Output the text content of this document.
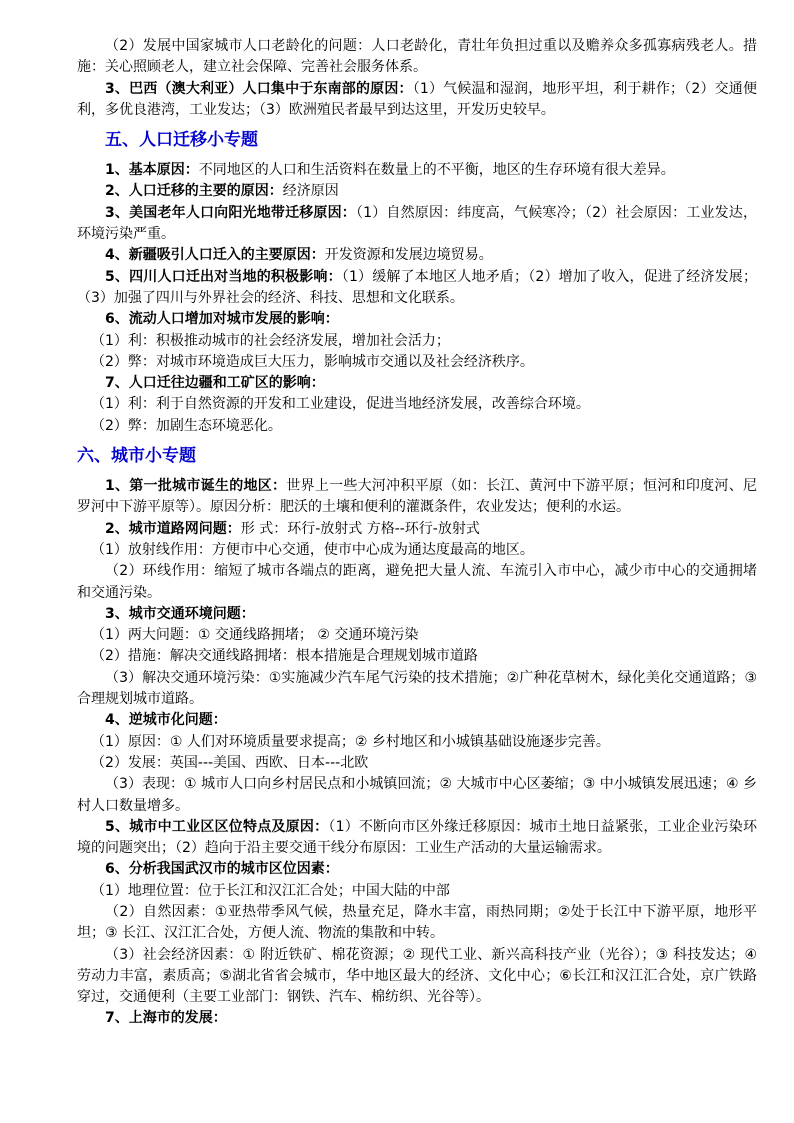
（2）发展中国家城市人口老龄化的问题：人口老龄化，青壮年负担过重以及赡养众多孤寡病残老人。措施：关心照顾老人，建立社会保障、完善社会服务体系。

3、巴西（澳大利亚）人口集中于东南部的原因：（1）气候温和湿润，地形平坦，利于耕作；（2）交通便利，多优良港湾，工业发达；（3）欧洲殖民者最早到达这里，开发历史较早。

五、人口迁移小专题

1、基本原因：不同地区的人口和生活资料在数量上的不平衡，地区的生存环境有很大差异。

2、人口迁移的主要的原因：经济原因

3、美国老年人口向阳光地带迁移原因：（1）自然原因：纬度高，气候寒冷；（2）社会原因：工业发达，环境污染严重。

4、新疆吸引人口迁入的主要原因：开发资源和发展边境贸易。

5、四川人口迁出对当地的积极影响：（1）缓解了本地区人地矛盾；（2）增加了收入，促进了经济发展；（3）加强了四川与外界社会的经济、科技、思想和文化联系。

6、流动人口增加对城市发展的影响：

（1）利：积极推动城市的社会经济发展，增加社会活力；

（2）弊：对城市环境造成巨大压力，影响城市交通以及社会经济秩序。

7、人口迁往边疆和工矿区的影响：

（1）利：利于自然资源的开发和工业建设，促进当地经济发展，改善综合环境。

（2）弊：加剧生态环境恶化。

六、城市小专题

1、第一批城市诞生的地区：世界上一些大河冲积平原（如：长江、黄河中下游平原；恒河和印度河、尼罗河中下游平原等）。原因分析：肥沃的土壤和便利的灌溉条件，农业发达；便利的水运。

2、城市道路网问题：形 式：环行-放射式 方格--环行-放射式

（1）放射线作用：方便市中心交通，使市中心成为通达度最高的地区。

（2）环线作用：缩短了城市各端点的距离，避免把大量人流、车流引入市中心，减少市中心的交通拥堵和交通污染。

3、城市交通环境问题：

（1）两大问题：① 交通线路拥堵； ② 交通环境污染

（2）措施：解决交通线路拥堵：根本措施是合理规划城市道路

（3）解决交通环境污染：①实施减少汽车尾气污染的技术措施；②广种花草树木，绿化美化交通道路；③ 合理规划城市道路。

4、逆城市化问题：

（1）原因：① 人们对环境质量要求提高；② 乡村地区和小城镇基础设施逐步完善。

（2）发展：英国---美国、西欧、日本---北欧

（3）表现：① 城市人口向乡村居民点和小城镇回流；② 大城市中心区萎缩；③ 中小城镇发展迅速；④ 乡村人口数量增多。

5、城市中工业区区位特点及原因：（1）不断向市区外缘迁移原因：城市土地日益紧张，工业企业污染环境的问题突出；（2）趋向于沿主要交通干线分布原因：工业生产活动的大量运输需求。

6、分析我国武汉市的城市区位因素：

（1）地理位置：位于长江和汉江汇合处；中国大陆的中部

（2）自然因素：①亚热带季风气候，热量充足，降水丰富，雨热同期；②处于长江中下游平原，地形平坦；③ 长江、汉江汇合处，方便人流、物流的集散和中转。

（3）社会经济因素：① 附近铁矿、棉花资源；② 现代工业、新兴高科技产业（光谷）；③ 科技发达；④劳动力丰富，素质高；⑤湖北省省会城市，华中地区最大的经济、文化中心；⑥长江和汉江汇合处，京广铁路穿过，交通便利（主要工业部门：钢铁、汽车、棉纺织、光谷等）。

7、上海市的发展：
